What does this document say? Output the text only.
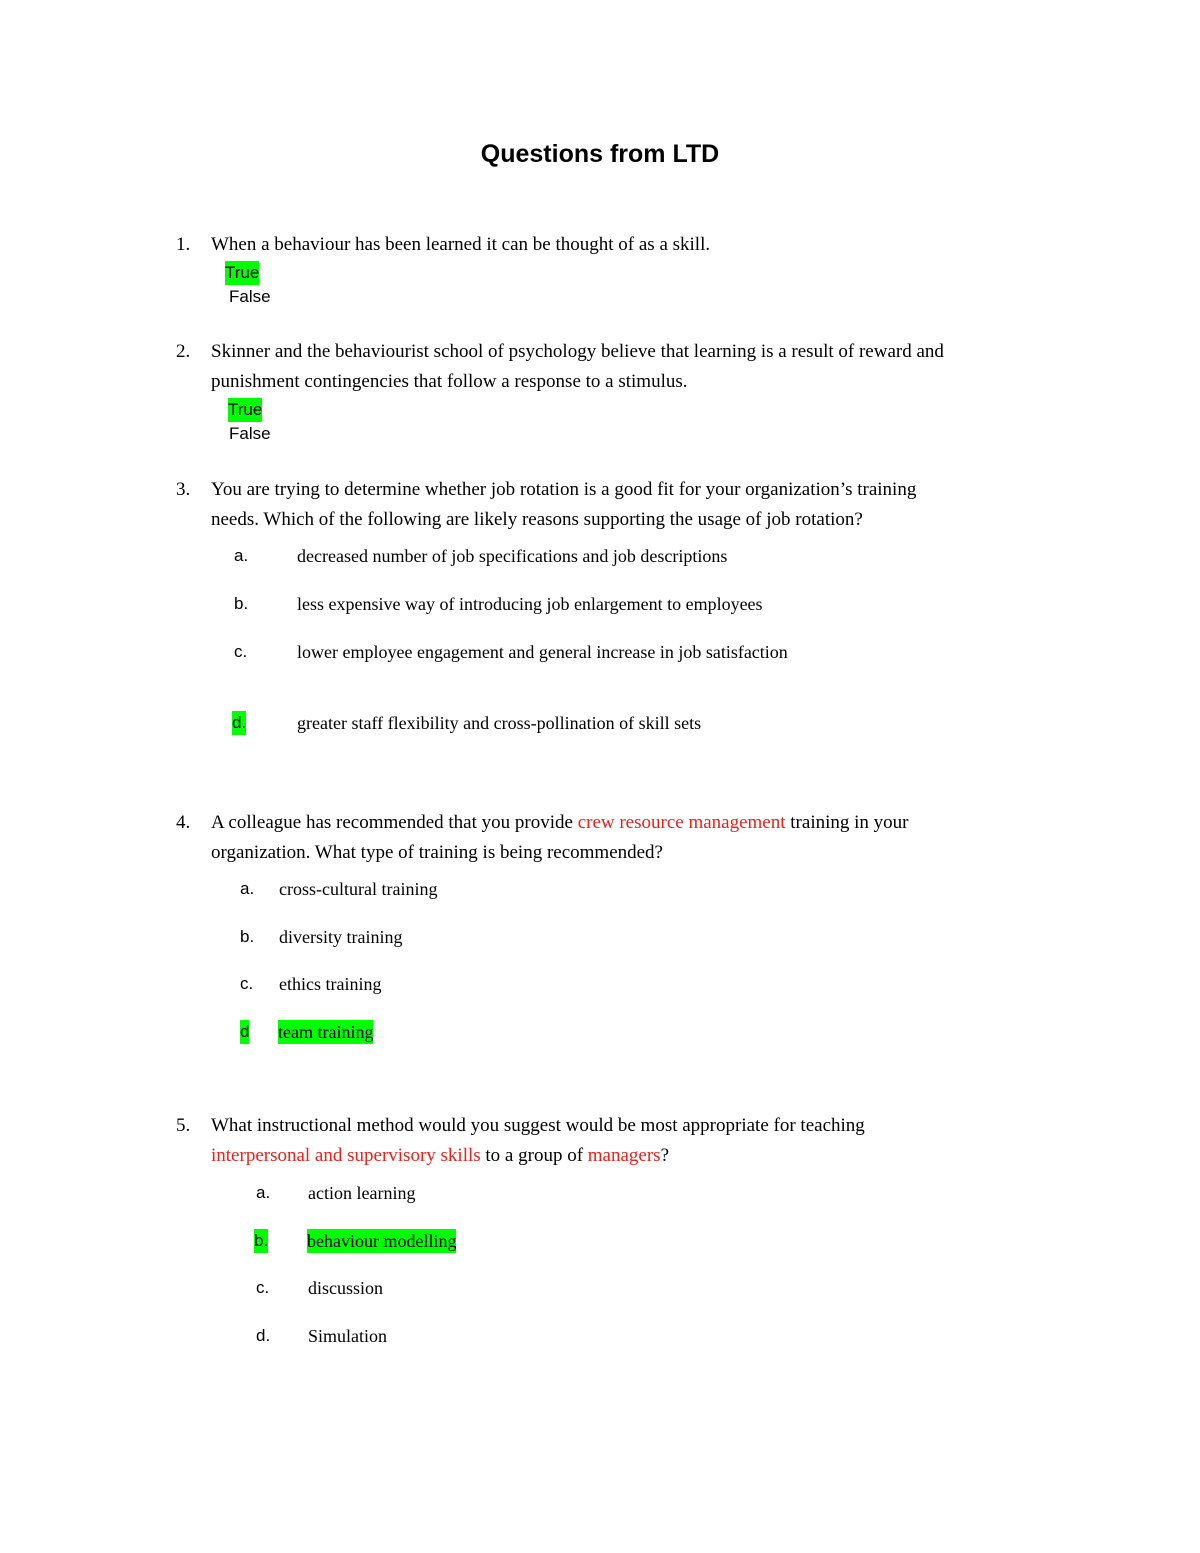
Questions from LTD
1. When a behaviour has been learned it can be thought of as a skill.
True
False
2. Skinner and the behaviourist school of psychology believe that learning is a result of reward and
punishment contingencies that follow a response to a stimulus.
True
False
3. You are trying to determine whether job rotation is a good fit for your organization’s training
needs. Which of the following are likely reasons supporting the usage of job rotation?
a.	decreased number of job specifications and job descriptions
b.	less expensive way of introducing job enlargement to employees
c.	lower employee engagement and general increase in job satisfaction
d.	greater staff flexibility and cross-pollination of skill sets
4. A colleague has recommended that you provide crew resource management training in your
organization. What type of training is being recommended?
a. cross-cultural training
b. diversity training
c. ethics training
d team training
5. What instructional method would you suggest would be most appropriate for teaching
interpersonal and supervisory skills to a group of managers?
a. action learning
b. behaviour modelling
c. discussion
d. Simulation
